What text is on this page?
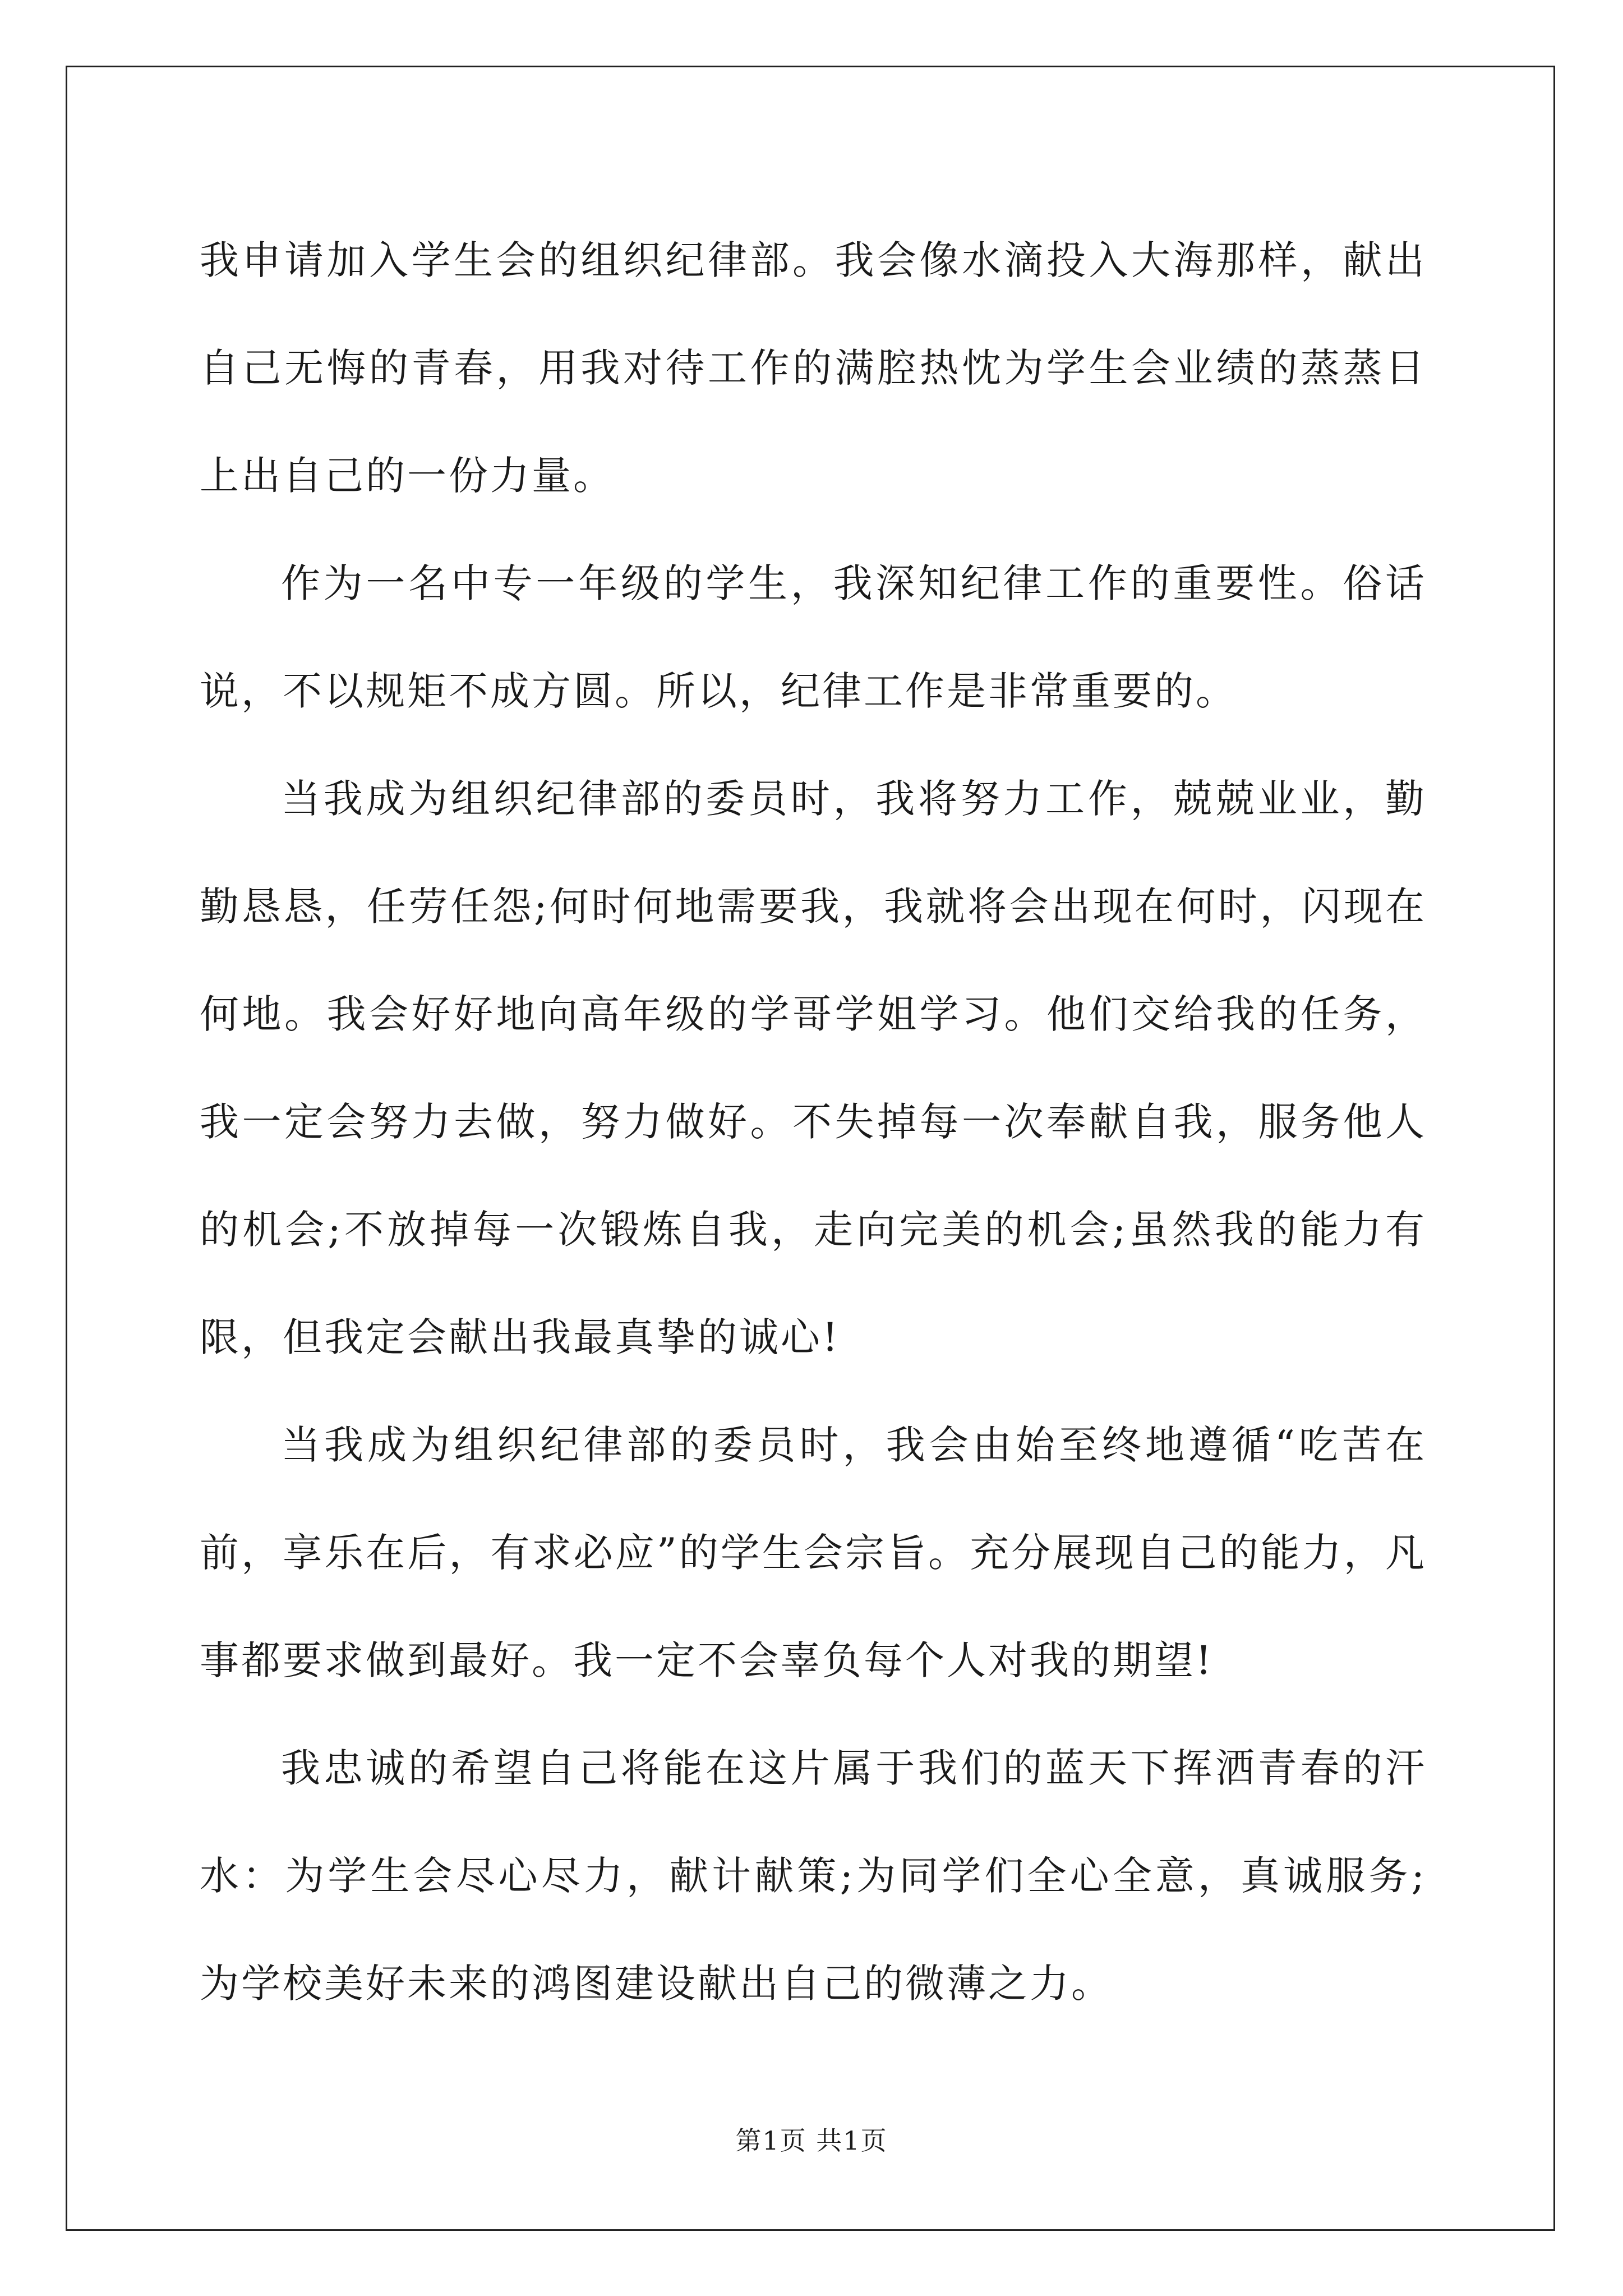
我申请加入学生会的组织纪律部。我会像水滴投入大海那样，献出自己无悔的青春，用我对待工作的满腔热忱为学生会业绩的蒸蒸日上出自己的一份力量。

作为一名中专一年级的学生，我深知纪律工作的重要性。俗话说，不以规矩不成方圆。所以，纪律工作是非常重要的。

当我成为组织纪律部的委员时，我将努力工作，兢兢业业，勤勤恳恳，任劳任怨;何时何地需要我，我就将会出现在何时，闪现在何地。我会好好地向高年级的学哥学姐学习。他们交给我的任务，我一定会努力去做，努力做好。不失掉每一次奉献自我，服务他人的机会;不放掉每一次锻炼自我，走向完美的机会;虽然我的能力有限，但我定会献出我最真挚的诚心!

当我成为组织纪律部的委员时，我会由始至终地遵循“吃苦在前，享乐在后，有求必应”的学生会宗旨。充分展现自己的能力，凡事都要求做到最好。我一定不会辜负每个人对我的期望!

我忠诚的希望自己将能在这片属于我们的蓝天下挥洒青春的汗水：为学生会尽心尽力，献计献策;为同学们全心全意，真诚服务;为学校美好未来的鸿图建设献出自己的微薄之力。

第1页 共1页
